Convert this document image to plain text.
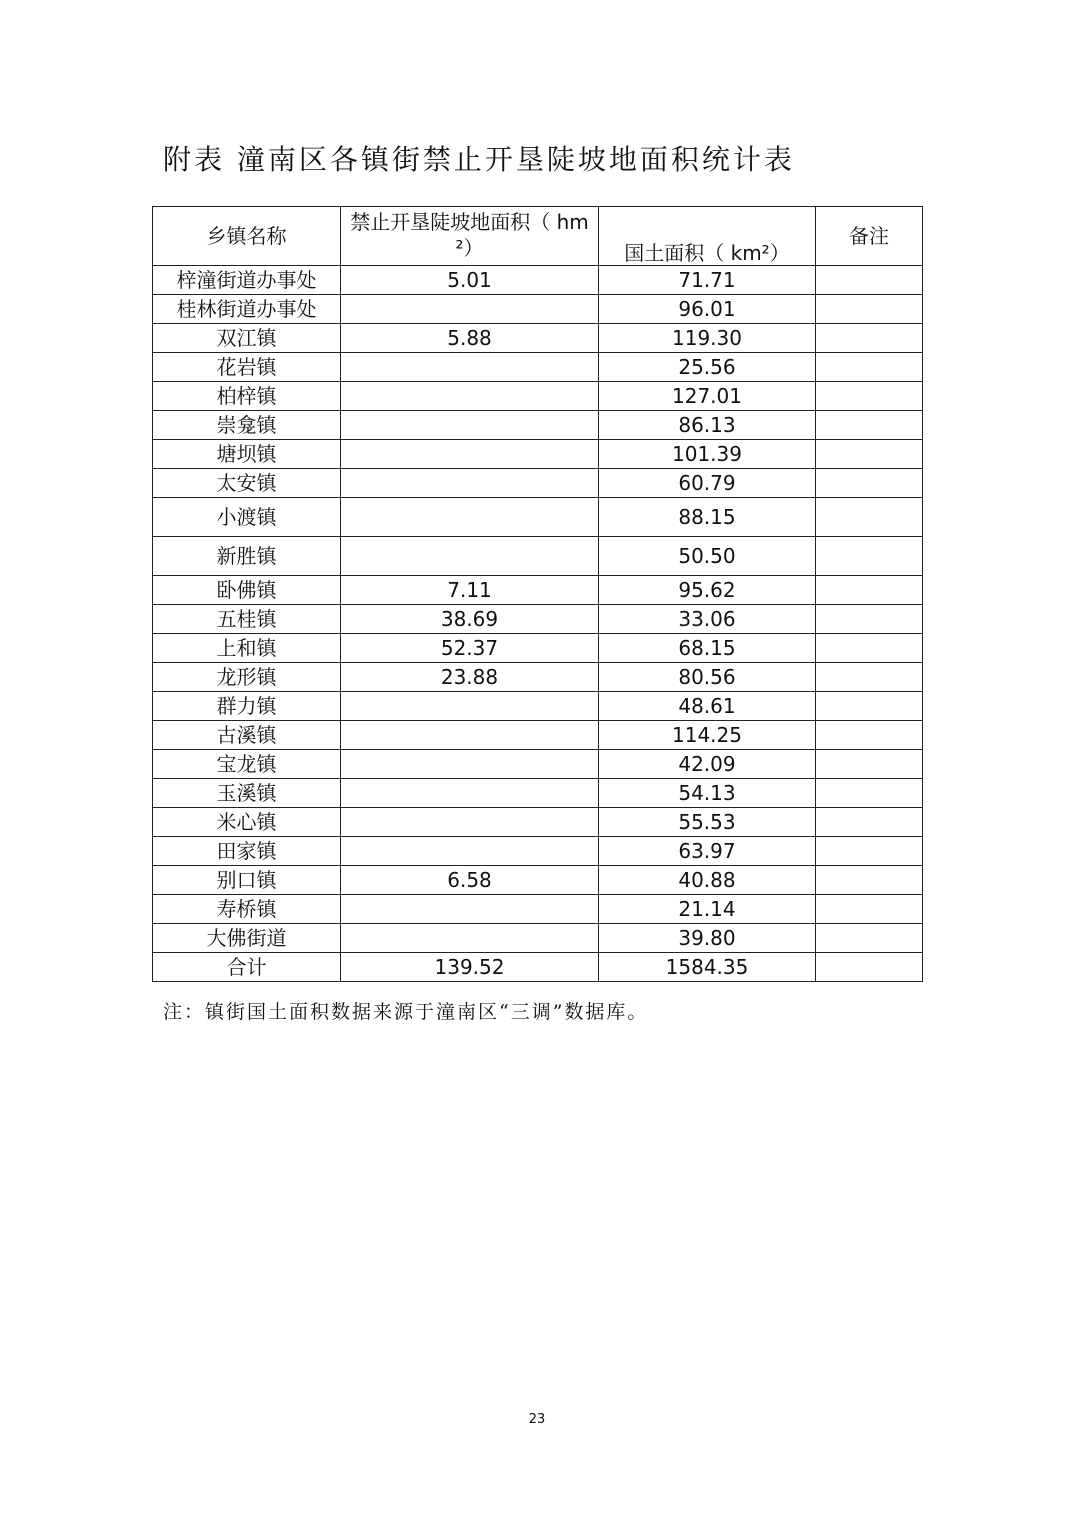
附表 潼南区各镇街禁止开垦陡坡地面积统计表
乡镇名称	禁止开垦陡坡地面积（ hm ²）	国土面积（ km²）	备注
梓潼街道办事处	5.01	71.71	
桂林街道办事处		96.01	
双江镇	5.88	119.30	
花岩镇		25.56	
柏梓镇		127.01	
崇龛镇		86.13	
塘坝镇		101.39	
太安镇		60.79	
小渡镇		88.15	
新胜镇		50.50	
卧佛镇	7.11	95.62	
五桂镇	38.69	33.06	
上和镇	52.37	68.15	
龙形镇	23.88	80.56	
群力镇		48.61	
古溪镇		114.25	
宝龙镇		42.09	
玉溪镇		54.13	
米心镇		55.53	
田家镇		63.97	
别口镇	6.58	40.88	
寿桥镇		21.14	
大佛街道		39.80	
合计	139.52	1584.35	
注：镇街国土面积数据来源于潼南区“三调”数据库。
23
